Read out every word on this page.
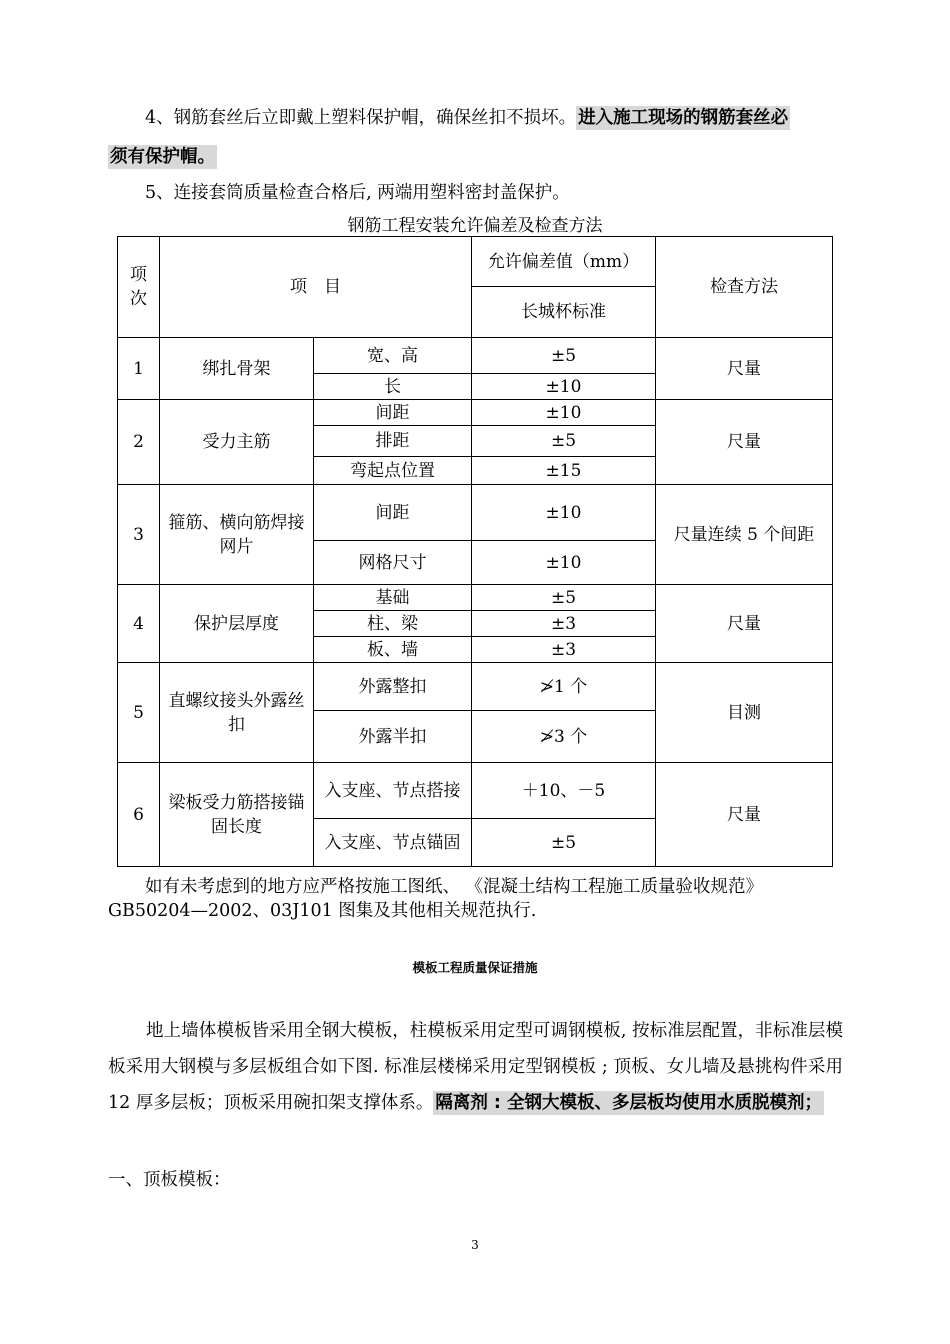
4、钢筋套丝后立即戴上塑料保护帽，确保丝扣不损坏。 进入施工现场的钢筋套丝必
须有保护帽。
5、连接套筒质量检查合格后, 两端用塑料密封盖保护。
钢筋工程安装允许偏差及检查方法
项次	项　目		允许偏差值（mm）	检查方法
			长城杯标准	
1	绑扎骨架	宽、高	±5	尺量
		长	±10	
2	受力主筋	间距	±10	尺量
		排距	±5	
		弯起点位置	±15	
3	箍筋、横向筋焊接网片	间距	±10	尺量连续 5 个间距
		网格尺寸	±10	
4	保护层厚度	基础	±5	尺量
		柱、梁	±3	
		板、墙	±3	
5	直螺纹接头外露丝扣	外露整扣	≯1 个	目测
		外露半扣	≯3 个	
6	梁板受力筋搭接锚固长度	入支座、节点搭接	＋10、－5	尺量
		入支座、节点锚固	±5	
如有未考虑到的地方应严格按施工图纸、 《混凝土结构工程施工质量验收规范》
GB50204—2002、03J101 图集及其他相关规范执行.
模板工程质量保证措施
地上墙体模板皆采用全钢大模板，柱模板采用定型可调钢模板, 按标准层配置，非标准层模板采用大钢模与多层板组合如下图. 标准层楼梯采用定型钢模板 ; 顶板、女儿墙及悬挑构件采用 12 厚多层板；顶板采用碗扣架支撑体系。 隔离剂 : 全钢大模板、多层板均使用水质脱模剂；
一、顶板模板：
3
